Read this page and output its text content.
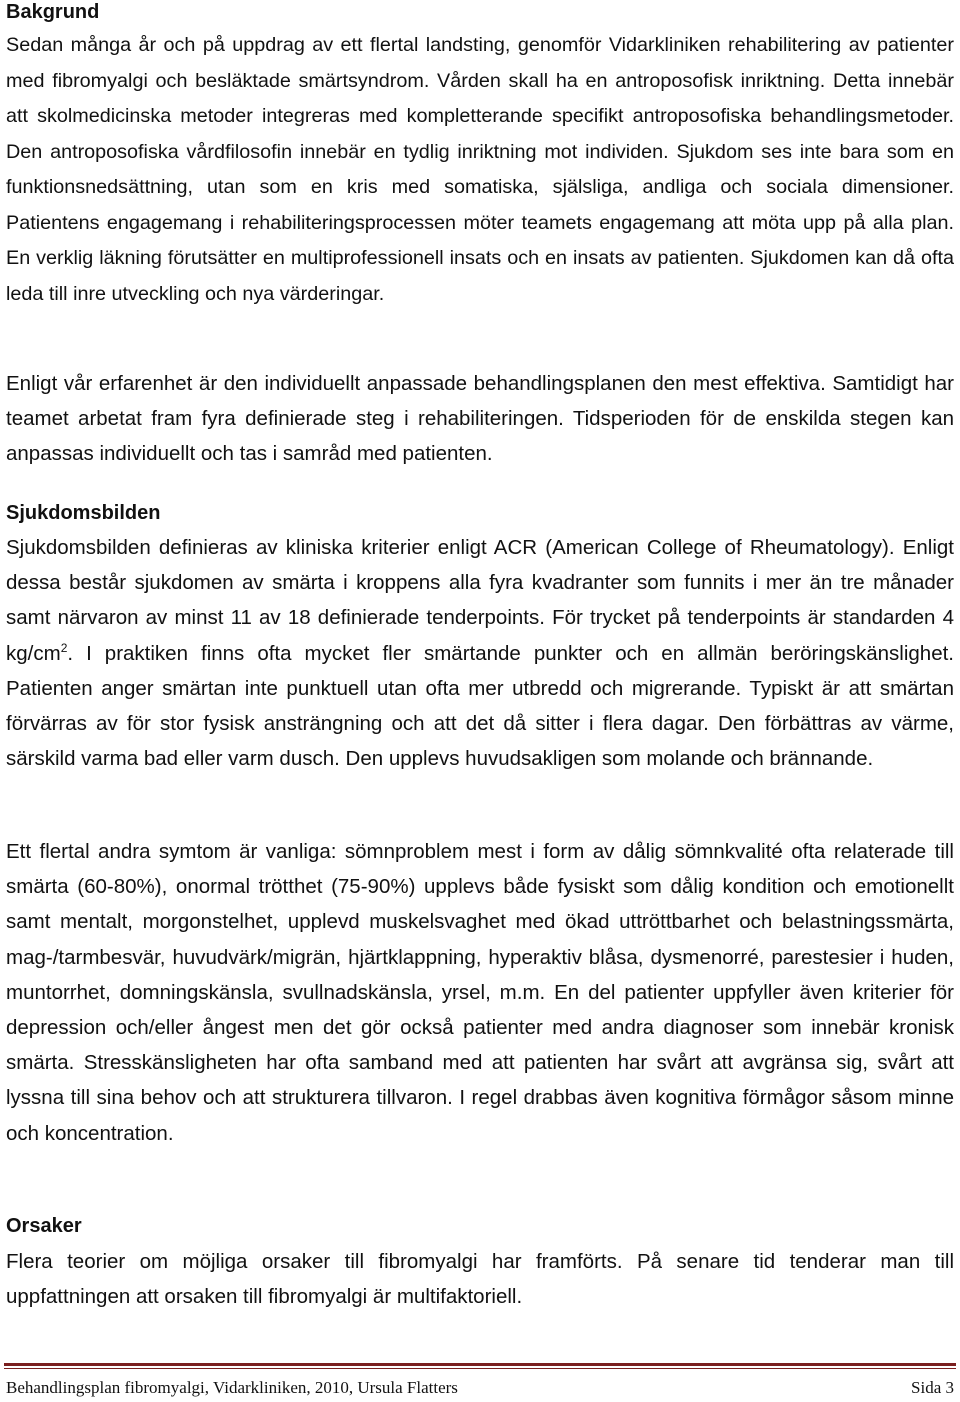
Bakgrund

Sedan många år och på uppdrag av ett flertal landsting, genomför Vidarkliniken rehabilitering av patienter med fibromyalgi och besläktade smärtsyndrom. Vården skall ha en antroposofisk inriktning. Detta innebär att skolmedicinska metoder integreras med kompletterande specifikt antroposofiska behandlingsmetoder. Den antroposofiska vårdfilosofin innebär en tydlig inriktning mot individen. Sjukdom ses inte bara som en funktionsnedsättning, utan som en kris med somatiska, själsliga, andliga och sociala dimensioner. Patientens engagemang i rehabiliteringsprocessen möter teamets engagemang att möta upp på alla plan. En verklig läkning förutsätter en multiprofessionell insats och en insats av patienten. Sjukdomen kan då ofta leda till inre utveckling och nya värderingar.

Enligt vår erfarenhet är den individuellt anpassade behandlingsplanen den mest effektiva. Samtidigt har teamet arbetat fram fyra definierade steg i rehabiliteringen. Tidsperioden för de enskilda stegen kan anpassas individuellt och tas i samråd med patienten.

Sjukdomsbilden

Sjukdomsbilden definieras av kliniska kriterier enligt ACR (American College of Rheumatology). Enligt dessa består sjukdomen av smärta i kroppens alla fyra kvadranter som funnits i mer än tre månader samt närvaron av minst 11 av 18 definierade tenderpoints. För trycket på tenderpoints är standarden 4 $kg/cm^2$. I praktiken finns ofta mycket fler smärtande punkter och en allmän beröringskänslighet. Patienten anger smärtan inte punktuell utan ofta mer utbredd och migrerande. Typiskt är att smärtan förvärras av för stor fysisk ansträngning och att det då sitter i flera dagar. Den förbättras av värme, särskild varma bad eller varm dusch. Den upplevs huvudsakligen som molande och brännande.

Ett flertal andra symtom är vanliga: sömnproblem mest i form av dålig sömnkvalité ofta relaterade till smärta (60-80%), onormal trötthet (75-90%) upplevs både fysiskt som dålig kondition och emotionellt samt mentalt, morgonstelhet, upplevd muskelsvaghet med ökad uttröttbarhet och belastningssmärta, mag-/tarmbesvär, huvudvärk/migrän, hjärtklappning, hyperaktiv blåsa, dysmenorré, parestesier i huden, muntorrhet, domningskänsla, svullnadskänsla, yrsel, m.m. En del patienter uppfyller även kriterier för depression och/eller ångest men det gör också patienter med andra diagnoser som innebär kronisk smärta. Stresskänsligheten har ofta samband med att patienten har svårt att avgränsa sig, svårt att lyssna till sina behov och att strukturera tillvaron. I regel drabbas även kognitiva förmågor såsom minne och koncentration.

Orsaker

Flera teorier om möjliga orsaker till fibromyalgi har framförts. På senare tid tenderar man till uppfattningen att orsaken till fibromyalgi är multifaktoriell.

Behandlingsplan fibromyalgi, Vidarkliniken, 2010, Ursula Flatters	Sida 3
